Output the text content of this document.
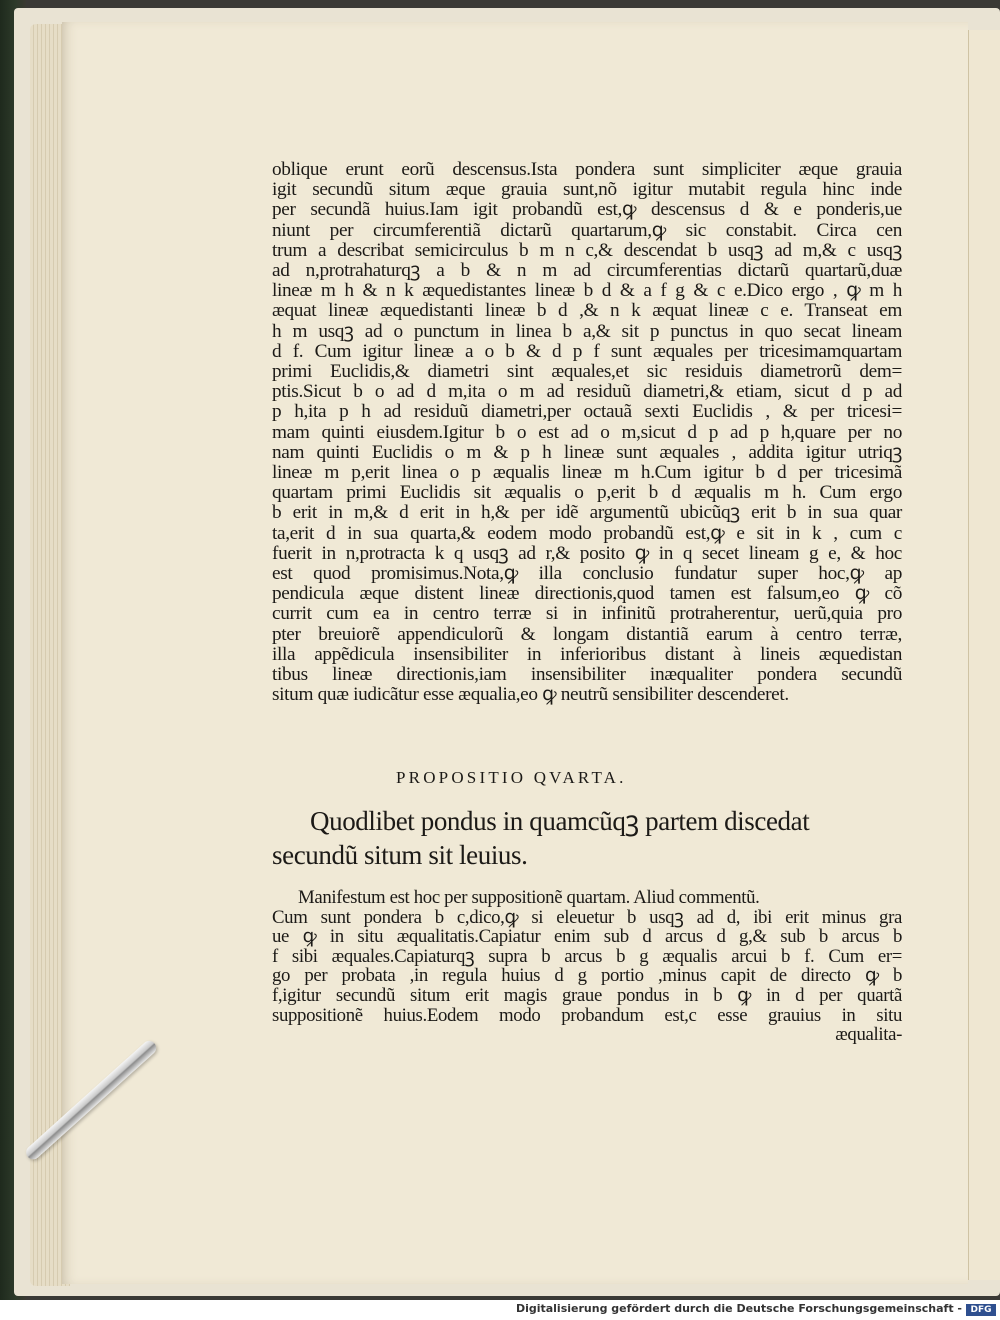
oblique erunt eorũ descensus.Ista pondera sunt simpliciter æque grauia
igit secundũ situm æque grauia sunt,nõ igitur mutabit regula hinc inde
per secundã huius.Iam igit probandũ est,ꝙ descensus d & e ponderis,ue
niunt per circumferentiã dictarũ quartarum,ꝙ sic constabit. Circa cen
trum a describat semicirculus b m n c,& descendat b usqꝫ ad m,& c usqꝫ
ad n,protrahaturqꝫ a b & n m ad circumferentias dictarũ quartarũ,duæ
lineæ m h & n k æquedistantes lineæ b d & a f g & c e.Dico ergo , ꝙ m h
æquat lineæ æquedistanti lineæ b d ,& n k æquat lineæ c e. Transeat em
h m usqꝫ ad o punctum in linea b a,& sit p punctus in quo secat lineam
d f. Cum igitur lineæ a o b & d p f sunt æquales per tricesimamquartam
primi Euclidis,& diametri sint æquales,et sic residuis diametrorũ dem=
ptis.Sicut b o ad d m,ita o m ad residuũ diametri,& etiam, sicut d p ad
p h,ita p h ad residuũ diametri,per octauã sexti Euclidis , & per tricesi=
mam quinti eiusdem.Igitur b o est ad o m,sicut d p ad p h,quare per no
nam quinti Euclidis o m & p h lineæ sunt æquales , addita igitur utriqꝫ
lineæ m p,erit linea o p æqualis lineæ m h.Cum igitur b d per tricesimã
quartam primi Euclidis sit æqualis o p,erit b d æqualis m h. Cum ergo
b erit in m,& d erit in h,& per idẽ argumentũ ubicũqꝫ erit b in sua quar
ta,erit d in sua quarta,& eodem modo probandũ est,ꝙ e sit in k , cum c
fuerit in n,protracta k q usqꝫ ad r,& posito ꝙ in q secet lineam g e, & hoc
est quod promisimus.Nota,ꝙ illa conclusio fundatur super hoc,ꝙ ap
pendicula æque distent lineæ directionis,quod tamen est falsum,eo ꝙ cõ
currit cum ea in centro terræ si in infinitũ protraherentur, uerũ,quia pro
pter breuiorẽ appendiculorũ & longam distantiã earum à centro terræ,
illa appẽdicula insensibiliter in inferioribus distant à lineis æquedistan
tibus lineæ directionis,iam insensibiliter inæqualiter pondera secundũ
situm quæ iudicãtur esse æqualia,eo ꝙ neutrũ sensibiliter descenderet.
PROPOSITIO QVARTA.
Quodlibet pondus in quamcũqꝫ partem discedat
secundũ situm sit leuius.
Manifestum est hoc per suppositionẽ quartam. Aliud commentũ.
Cum sunt pondera b c,dico,ꝙ si eleuetur b usqꝫ ad d, ibi erit minus gra
ue ꝙ in situ æqualitatis.Capiatur enim sub d arcus d g,& sub b arcus b
f sibi æquales.Capiaturqꝫ supra b arcus b g æqualis arcui b f. Cum er=
go per probata ,in regula huius d g portio ,minus capit de directo ꝙ b
f,igitur secundũ situm erit magis graue pondus in b ꝙ in d per quartã
suppositionẽ huius.Eodem modo probandum est,c esse grauius in situ
æqualita-
Digitalisierung gefördert durch die Deutsche Forschungsgemeinschaft - DFG
